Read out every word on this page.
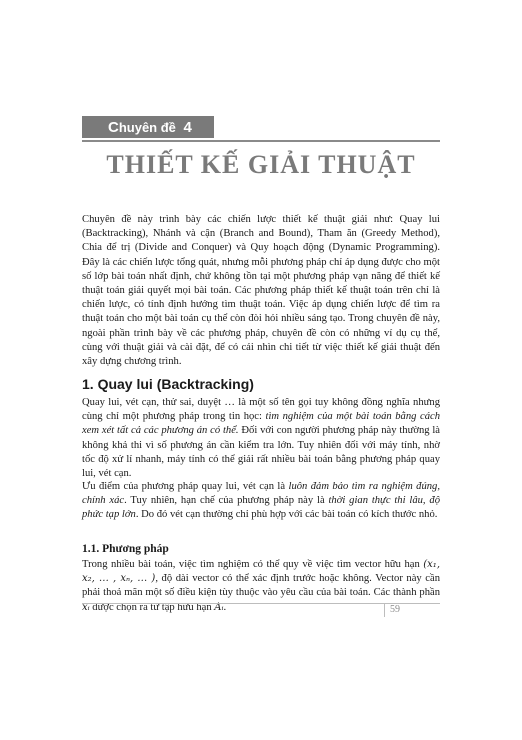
C huyên đề
4
THIẾT KẾ GIẢI THUẬT

Chuyên đề này trình bày các chiến lược thiết kế thuật giải như: Quay lui (Backtracking), Nhánh và cận (Branch and Bound), Tham ăn (Greedy Method), Chia để trị (Divide and Conquer) và Quy hoạch động (Dynamic Programming). Đây là các chiến lược tổng quát, nhưng mỗi phương pháp chỉ áp dụng được cho một số lớp bài toán nhất định, chứ không tồn tại một phương pháp vạn năng để thiết kế thuật toán giải quyết mọi bài toán. Các phương pháp thiết kế thuật toán trên chỉ là chiến lược, có tính định hướng tìm thuật toán. Việc áp dụng chiến lược để tìm ra thuật toán cho một bài toán cụ thể còn đòi hỏi nhiều sáng tạo. Trong chuyên đề này, ngoài phần trình bày về các phương pháp, chuyên đề còn có những ví dụ cụ thể, cùng với thuật giải và cài đặt, để có cái nhìn chi tiết từ việc thiết kế giải thuật đến xây dựng chương trình.

1. Quay lui (Backtracking)

Quay lui, vét cạn, thử sai, duyệt … là một số tên gọi tuy không đồng nghĩa nhưng cùng chỉ một phương pháp trong tin học: tìm nghiệm của một bài toán bằng cách xem xét tất cả các phương án có thể. Đối với con người phương pháp này thường là không khả thi vì số phương án cần kiểm tra lớn. Tuy nhiên đối với máy tính, nhờ tốc độ xử lí nhanh, máy tính có thể giải rất nhiều bài toán bằng phương pháp quay lui, vét cạn.

Ưu điểm của phương pháp quay lui, vét cạn là luôn đảm bảo tìm ra nghiệm đúng, chính xác. Tuy nhiên, hạn chế của phương pháp này là thời gian thực thi lâu, độ phức tạp lớn. Do đó vét cạn thường chỉ phù hợp với các bài toán có kích thước nhỏ.

1.1. Phương pháp

Trong nhiều bài toán, việc tìm nghiệm có thể quy về việc tìm vector hữu hạn (x₁, x₂, … , xₙ, … ), độ dài vector có thể xác định trước hoặc không. Vector này cần phải thoả mãn một số điều kiện tùy thuộc vào yêu cầu của bài toán. Các thành phần xᵢ được chọn ra từ tập hữu hạn Aᵢ.	59
